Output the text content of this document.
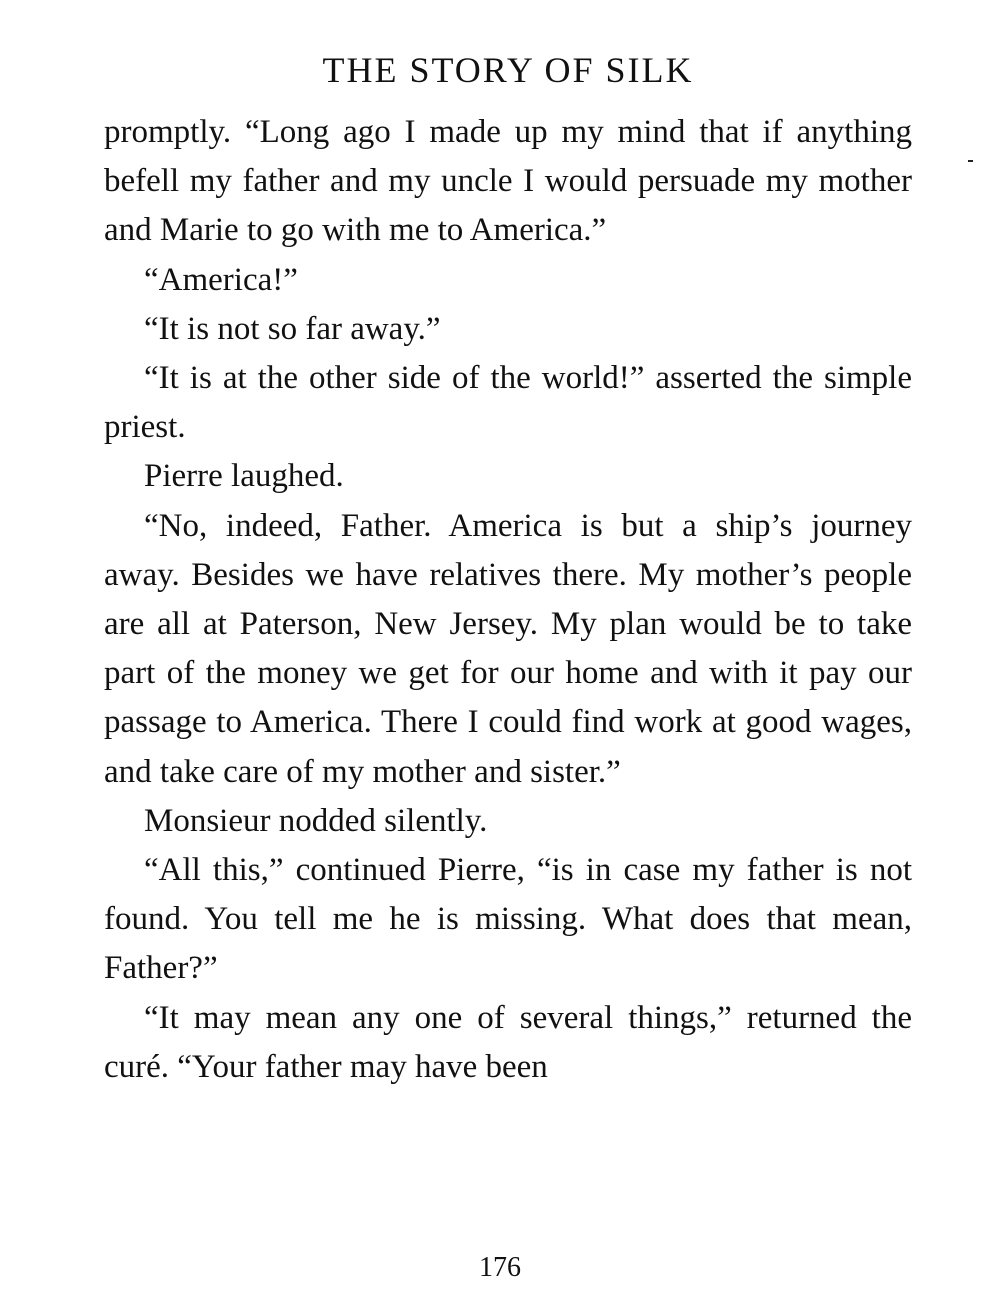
THE STORY OF SILK

promptly. “Long ago I made up my mind that if anything befell my father and my uncle I would persuade my mother and Marie to go with me to America.”

“America!”

“It is not so far away.”

“It is at the other side of the world!” asserted the simple priest.

Pierre laughed.

“No, indeed, Father. America is but a ship’s journey away. Besides we have relatives there. My mother’s people are all at Paterson, New Jersey. My plan would be to take part of the money we get for our home and with it pay our passage to America. There I could find work at good wages, and take care of my mother and sister.”

Monsieur nodded silently.

“All this,” continued Pierre, “is in case my father is not found. You tell me he is missing. What does that mean, Father?”

“It may mean any one of several things,” returned the curé. “Your father may have been

176
